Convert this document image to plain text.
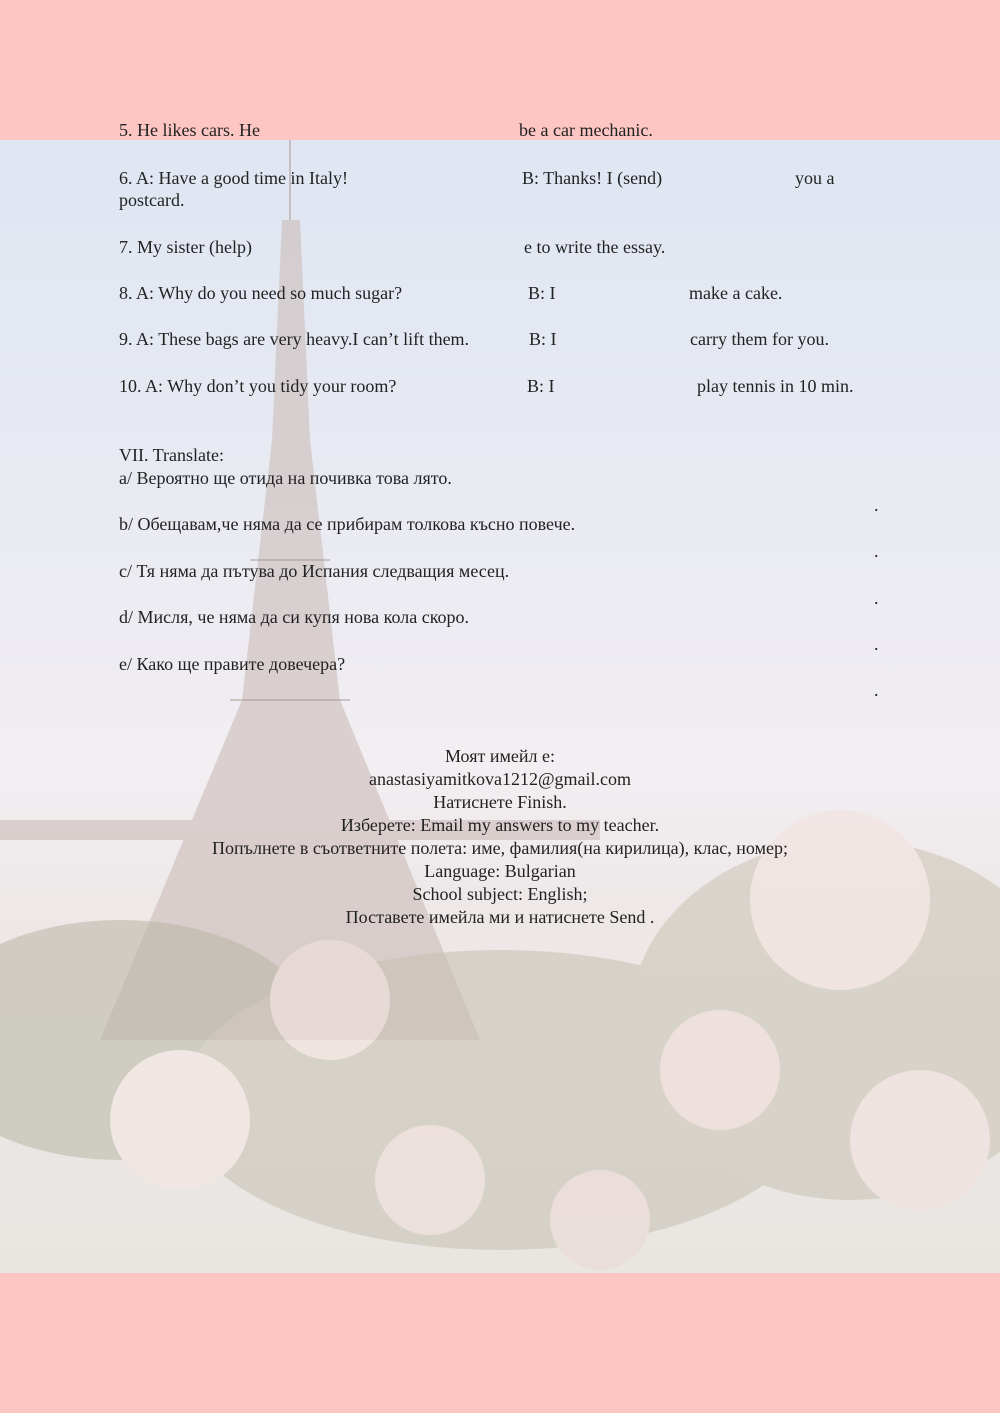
5. He likes cars. He	be a car mechanic.
6. A: Have a good time in Italy!	B: Thanks! I (send)	you a
postcard.
7. My sister (help)	e to write the essay.
8. A: Why do you need so much sugar?	B: I	make a cake.
9. A: These bags are very heavy.I can’t lift them.	B: I	carry them for you.
10. A: Why don’t you tidy your room?	B: I	play tennis in 10 min.
VII. Translate:
a/ Вероятно ще отида на почивка това лято.
.
b/ Обещавам,че няма да се прибирам толкова късно повече.
.
c/ Тя няма да пътува до Испания следващия месец.
.
d/ Мисля, че няма да си купя нова кола скоро.
.
e/ Како ще правите довечера?
.
Моят имейл е:
anastasiyamitkova1212@gmail.com
Натиснете Finish.
Изберете: Email my answers to my teacher.
Попълнете в съответните полета: име, фамилия(на кирилица), клас, номер;
Language: Bulgarian
School subject: English;
Поставете имейла ми и натиснете Send .
